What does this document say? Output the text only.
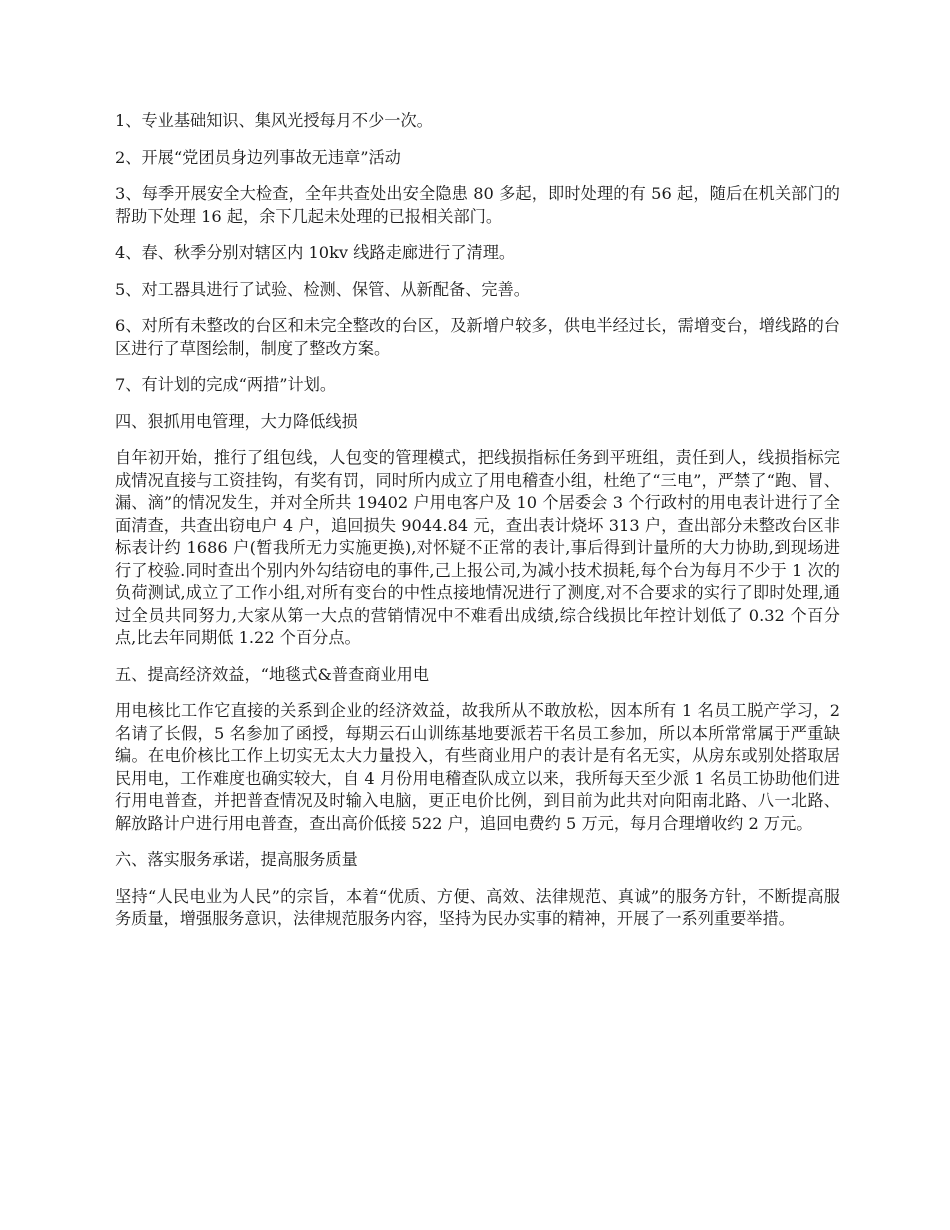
1、专业基础知识、集风光授每月不少一次。

2、开展“党团员身边列事故无违章”活动

3、每季开展安全大检查，全年共查处出安全隐患 80 多起，即时处理的有 56 起，随后在机关部门的帮助下处理 16 起，余下几起未处理的已报相关部门。

4、春、秋季分别对辖区内 10kv 线路走廊进行了清理。

5、对工器具进行了试验、检测、保管、从新配备、完善。

6、对所有未整改的台区和未完全整改的台区，及新增户较多，供电半经过长，需增变台，增线路的台区进行了草图绘制，制度了整改方案。

7、有计划的完成“两措”计划。

四、狠抓用电管理，大力降低线损

自年初开始，推行了组包线，人包变的管理模式，把线损指标任务到平班组，责任到人，线损指标完成情况直接与工资挂钩，有奖有罚，同时所内成立了用电稽查小组，杜绝了“三电”，严禁了“跑、冒、漏、滴”的情况发生，并对全所共 19402 户用电客户及 10 个居委会 3 个行政村的用电表计进行了全面清查，共查出窃电户 4 户，追回损失 9044.84 元，查出表计烧坏 313 户，查出部分未整改台区非标表计约 1686 户(暂我所无力实施更换),对怀疑不正常的表计,事后得到计量所的大力协助,到现场进行了校验.同时查出个别内外勾结窃电的事件,己上报公司,为减小技术损耗,每个台为每月不少于 1 次的负荷测试,成立了工作小组,对所有变台的中性点接地情况进行了测度,对不合要求的实行了即时处理,通过全员共同努力,大家从第一大点的营销情况中不难看出成绩,综合线损比年控计划低了 0.32 个百分点,比去年同期低 1.22 个百分点。

五、提高经济效益，“地毯式&普查商业用电

用电核比工作它直接的关系到企业的经济效益，故我所从不敢放松，因本所有 1 名员工脱产学习，2 名请了长假，5 名参加了函授，每期云石山训练基地要派若干名员工参加，所以本所常常属于严重缺编。在电价核比工作上切实无太大力量投入，有些商业用户的表计是有名无实，从房东或别处搭取居民用电，工作难度也确实较大，自 4 月份用电稽查队成立以来，我所每天至少派 1 名员工协助他们进行用电普查，并把普查情况及时输入电脑，更正电价比例，到目前为此共对向阳南北路、八一北路、解放路计户进行用电普查，查出高价低接 522 户，追回电费约 5 万元，每月合理增收约 2 万元。

六、落实服务承诺，提高服务质量

坚持“人民电业为人民”的宗旨，本着“优质、方便、高效、法律规范、真诚”的服务方针，不断提高服务质量，增强服务意识，法律规范服务内容，坚持为民办实事的精神，开展了一系列重要举措。
